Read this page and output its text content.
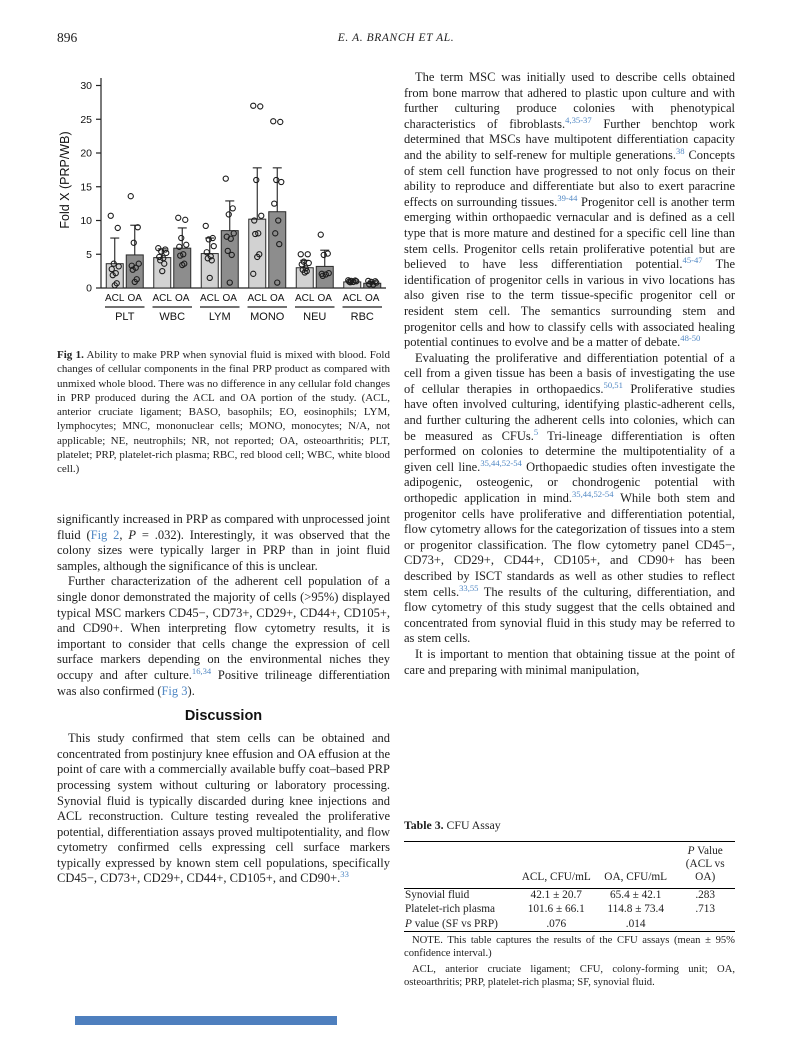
896	E. A. BRANCH ET AL.
0
5
10
15
20
25
30
Fold X (PRP/WB)
ACL OA
PLT
ACL OA
WBC
ACL OA
LYM
ACL OA
MONO
ACL OA
NEU
ACL OA
RBC
Fig 1. Ability to make PRP when synovial fluid is mixed with blood. Fold changes of cellular components in the final PRP product as compared with unmixed whole blood. There was no difference in any cellular fold changes in PRP produced during the ACL and OA portion of the study. (ACL, anterior cruciate ligament; BASO, basophils; EO, eosinophils; LYM, lymphocytes; MNC, mononuclear cells; MONO, monocytes; N/A, not applicable; NE, neutrophils; NR, not reported; OA, osteoarthritis; PLT, platelet; PRP, platelet-rich plasma; RBC, red blood cell; WBC, white blood cell.)

significantly increased in PRP as compared with unprocessed joint fluid (Fig 2, P = .032). Interestingly, it was observed that the colony sizes were typically larger in PRP than in joint fluid samples, although the significance of this is unclear.

Further characterization of the adherent cell population of a single donor demonstrated the majority of cells (>95%) displayed typical MSC markers CD45−, CD73+, CD29+, CD44+, CD105+, and CD90+. When interpreting flow cytometry results, it is important to consider that cells change the expression of cell surface markers depending on the environmental niches they occupy and after culture.$^{16,34}$ Positive trilineage differentiation was also confirmed (Fig 3).

Discussion

This study confirmed that stem cells can be obtained and concentrated from postinjury knee effusion and OA effusion at the point of care with a commercially available buffy coat–based PRP processing system without culturing or laboratory processing. Synovial fluid is typically discarded during knee injections and ACL reconstruction. Culture testing revealed the proliferative potential, differentiation assays proved multipotentiality, and flow cytometry confirmed cells expressing cell surface markers typically expressed by known stem cell populations, specifically CD45−, CD73+, CD29+, CD44+, CD105+, and CD90+.$^{33}$

The term MSC was initially used to describe cells obtained from bone marrow that adhered to plastic upon culture and with further culturing produce colonies with phenotypical characteristics of fibroblasts.$^{4,35-37}$ Further benchtop work determined that MSCs have multipotent differentiation capacity and the ability to self-renew for multiple generations.$^{38}$ Concepts of stem cell function have progressed to not only focus on their ability to reproduce and differentiate but also to exert paracrine effects on surrounding tissues.$^{39-44}$ Progenitor cell is another term emerging within orthopaedic vernacular and is defined as a cell type that is more mature and destined for a specific cell line than stem cells. Progenitor cells retain proliferative potential but are believed to have less differentiation potential.$^{45-47}$ The identification of progenitor cells in various in vivo locations has also given rise to the term tissue-specific progenitor cell or resident stem cell. The semantics surrounding stem and progenitor cells and how to classify cells with associated healing potential continues to evolve and be a matter of debate.$^{48-50}$

Evaluating the proliferative and differentiation potential of a cell from a given tissue has been a basis of investigating the use of cellular therapies in orthopaedics.$^{50,51}$ Proliferative studies have often involved culturing, identifying plastic-adherent cells, and further culturing the adherent cells into colonies, which can be measured as CFUs.$^5$ Tri-lineage differentiation is often performed on colonies to determine the multipotentiality of a given cell line.$^{35,44,52-54}$ Orthopaedic studies often investigate the adipogenic, osteogenic, or chondrogenic potential with orthopedic application in mind.$^{35,44,52-54}$ While both stem and progenitor cells have proliferative and differentiation potential, flow cytometry allows for the categorization of tissues into a stem or progenitor classification. The flow cytometry panel CD45−, CD73+, CD29+, CD44+, CD105+, and CD90+ has been described by ISCT standards as well as other studies to reflect stem cells.$^{33,55}$ The results of the culturing, differentiation, and flow cytometry of this study suggest that the cells obtained and concentrated from synovial fluid in this study may be referred to as stem cells.

It is important to mention that obtaining tissue at the point of care and preparing with minimal manipulation,

Table 3. CFU Assay
	ACL, CFU/mL	OA, CFU/mL	P Value
(ACL vs OA)
Synovial fluid	42.1 ± 20.7	65.4 ± 42.1	.283
Platelet-rich plasma	101.6 ± 66.1	114.8 ± 73.4	.713
P value (SF vs PRP)	.076	.014	

NOTE. This table captures the results of the CFU assays (mean ± 95% confidence interval.)

ACL, anterior cruciate ligament; CFU, colony-forming unit; OA, osteoarthritis; PRP, platelet-rich plasma; SF, synovial fluid.
